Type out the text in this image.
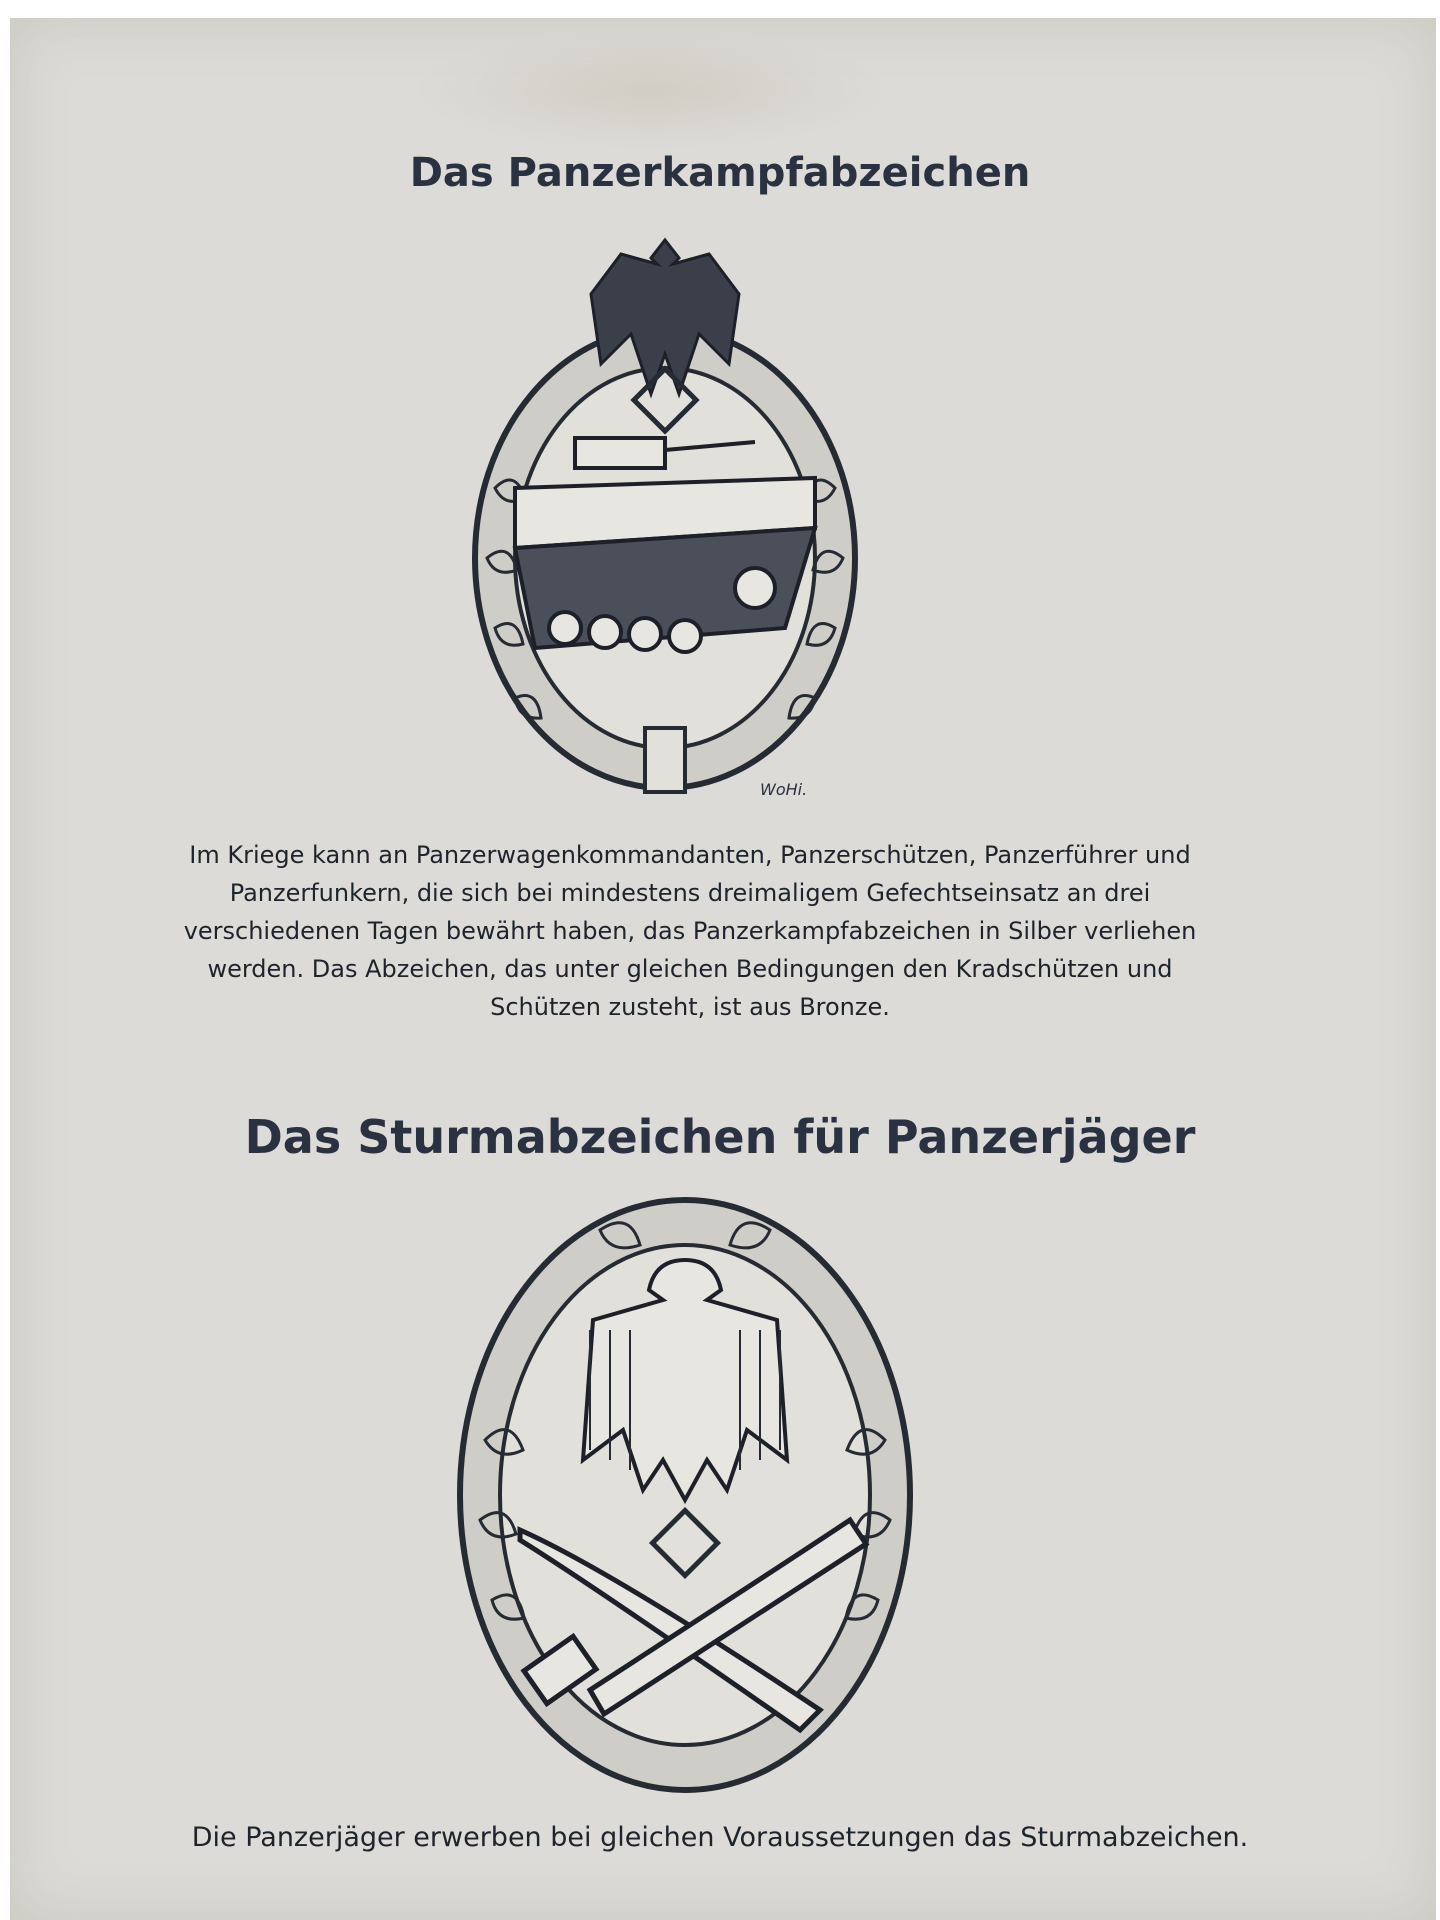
Das Panzerkampfabzeichen
WoHi.
Im Kriege kann an Panzerwagenkommandanten, Panzerschützen, Panzerführer und Panzerfunkern, die sich bei mindestens dreimaligem Gefechtseinsatz an drei verschiedenen Tagen bewährt haben, das Panzerkampfabzeichen in Silber verliehen werden. Das Abzeichen, das unter gleichen Bedingungen den Kradschützen und Schützen zusteht, ist aus Bronze.
Das Sturmabzeichen für Panzerjäger
Die Panzerjäger erwerben bei gleichen Voraussetzungen das Sturmabzeichen.
